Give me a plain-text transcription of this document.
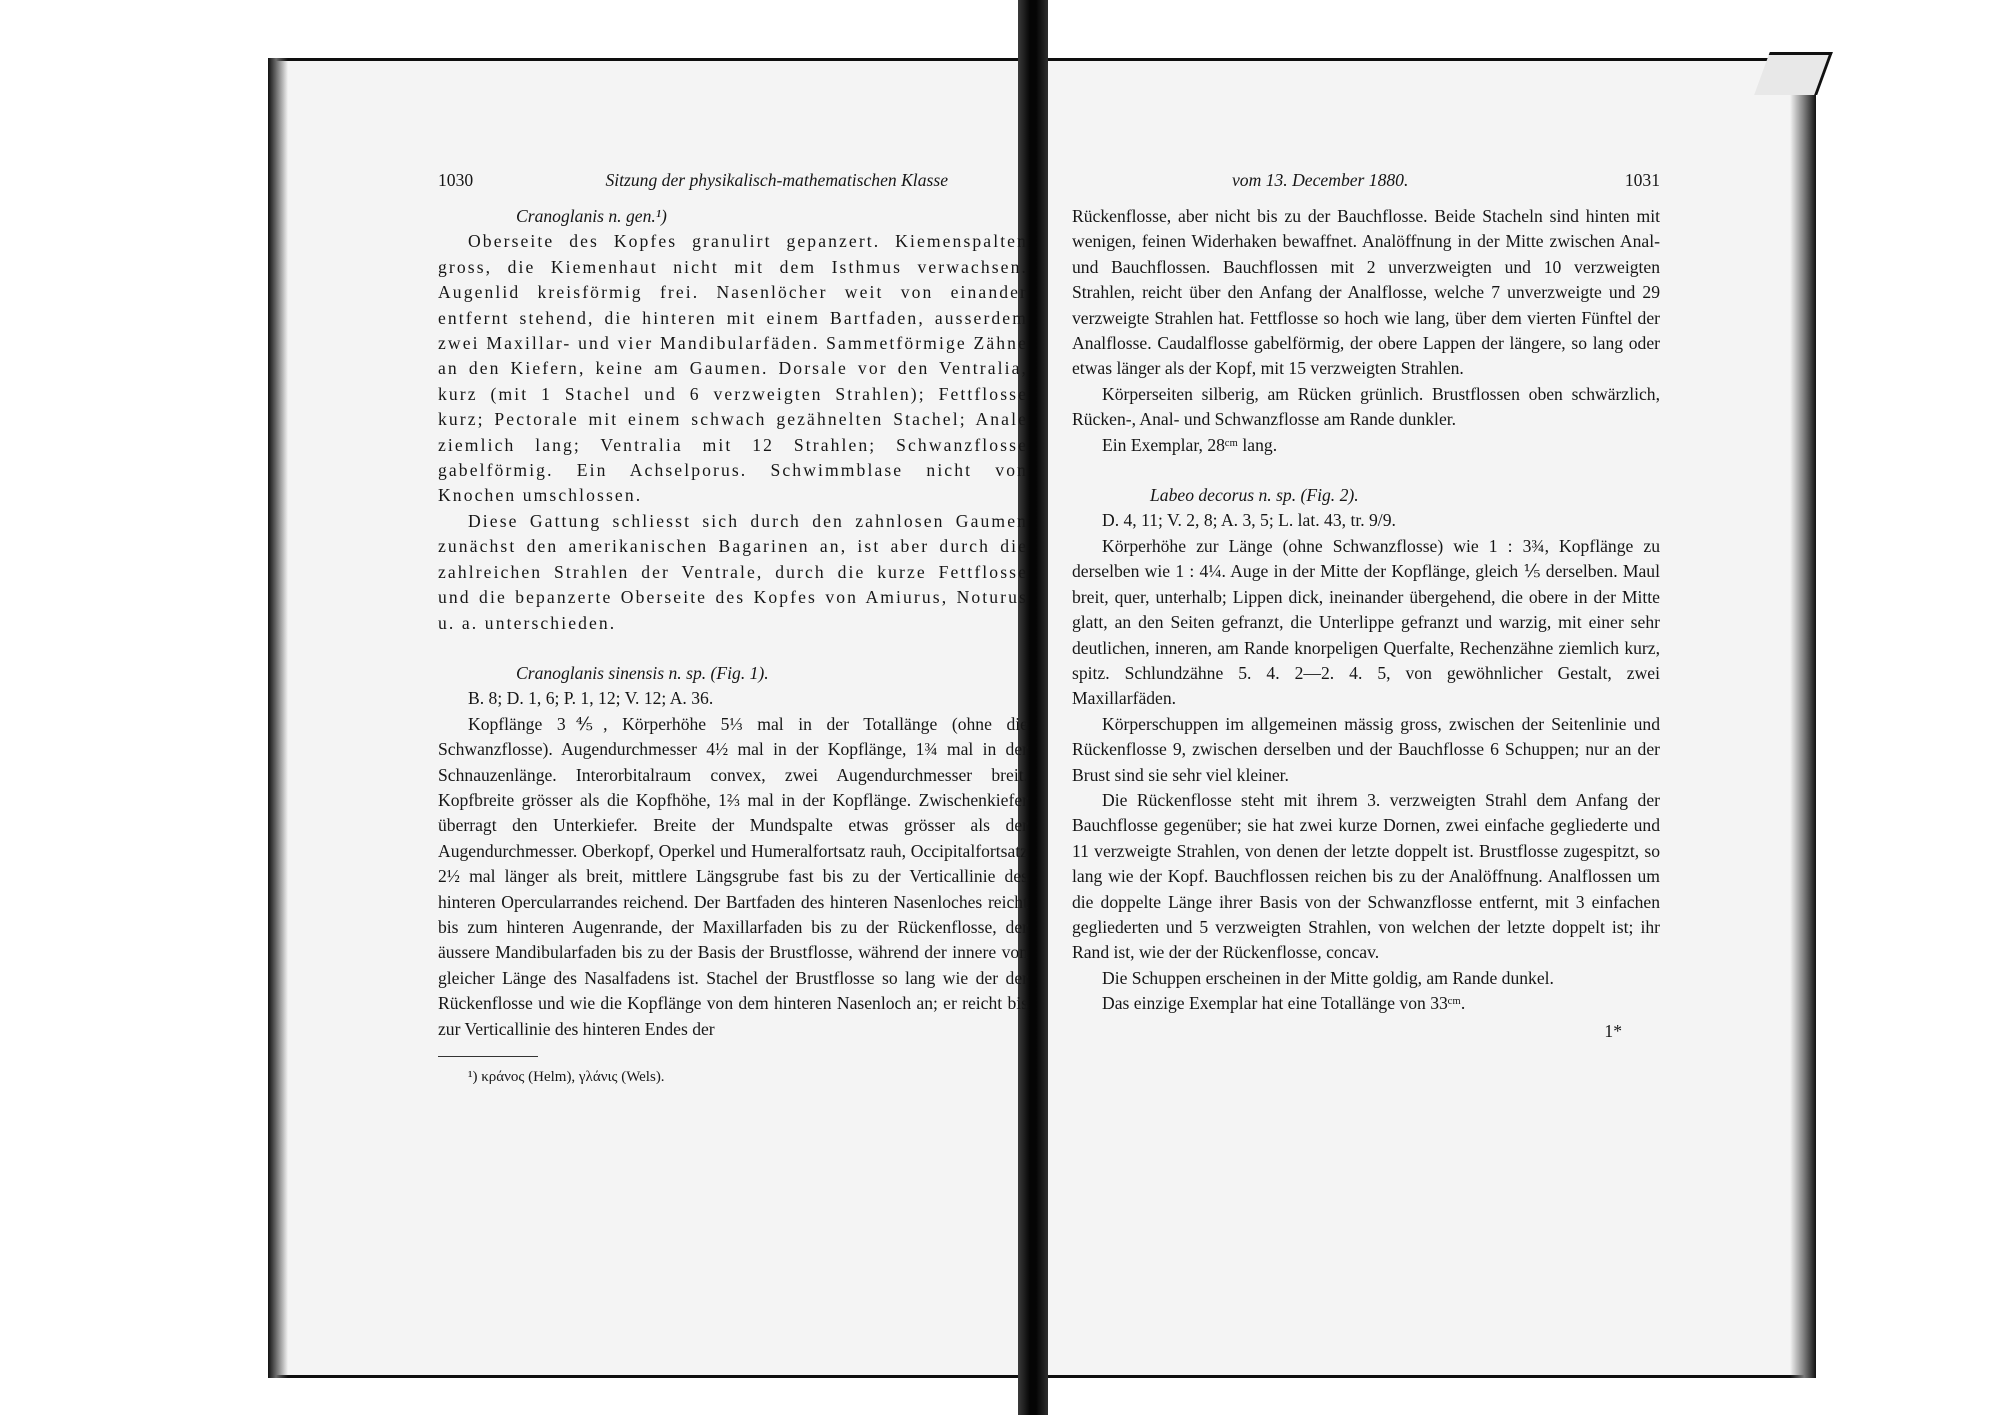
1030	Sitzung der physikalisch-mathematischen Klasse

Cranoglanis n. gen.¹)

Oberseite des Kopfes granulirt gepanzert. Kiemenspalten gross, die Kiemenhaut nicht mit dem Isthmus verwachsen. Augenlid kreisförmig frei. Nasenlöcher weit von einander entfernt stehend, die hinteren mit einem Bartfaden, ausserdem zwei Maxillar- und vier Mandibularfäden. Sammetförmige Zähne an den Kiefern, keine am Gaumen. Dorsale vor den Ventralia, kurz (mit 1 Stachel und 6 verzweigten Strahlen); Fettflosse kurz; Pectorale mit einem schwach gezähnelten Stachel; Anale ziemlich lang; Ventralia mit 12 Strahlen; Schwanzflosse gabelförmig. Ein Achselporus. Schwimmblase nicht von Knochen umschlossen.

Diese Gattung schliesst sich durch den zahnlosen Gaumen zunächst den amerikanischen Bagarinen an, ist aber durch die zahlreichen Strahlen der Ventrale, durch die kurze Fettflosse und die bepanzerte Oberseite des Kopfes von Amiurus, Noturus u. a. unterschieden.

Cranoglanis sinensis n. sp. (Fig. 1).

B. 8; D. 1, 6; P. 1, 12; V. 12; A. 36.

Kopflänge 3⅘, Körperhöhe 5⅓ mal in der Totallänge (ohne die Schwanzflosse). Augendurchmesser 4½ mal in der Kopflänge, 1¾ mal in der Schnauzenlänge. Interorbitalraum convex, zwei Augendurchmesser breit. Kopfbreite grösser als die Kopfhöhe, 1⅔ mal in der Kopflänge. Zwischenkiefer überragt den Unterkiefer. Breite der Mundspalte etwas grösser als der Augendurchmesser. Oberkopf, Operkel und Humeralfortsatz rauh, Occipitalfortsatz 2½ mal länger als breit, mittlere Längsgrube fast bis zu der Verticallinie des hinteren Opercularrandes reichend. Der Bartfaden des hinteren Nasenloches reicht bis zum hinteren Augenrande, der Maxillarfaden bis zu der Rückenflosse, der äussere Mandibularfaden bis zu der Basis der Brustflosse, während der innere von gleicher Länge des Nasalfadens ist. Stachel der Brustflosse so lang wie der der Rückenflosse und wie die Kopflänge von dem hinteren Nasenloch an; er reicht bis zur Verticallinie des hinteren Endes der

¹) κράνος (Helm), γλάνις (Wels).

vom 13. December 1880.	1031

Rückenflosse, aber nicht bis zu der Bauchflosse. Beide Stacheln sind hinten mit wenigen, feinen Widerhaken bewaffnet. Analöffnung in der Mitte zwischen Anal- und Bauchflossen. Bauchflossen mit 2 unverzweigten und 10 verzweigten Strahlen, reicht über den Anfang der Analflosse, welche 7 unverzweigte und 29 verzweigte Strahlen hat. Fettflosse so hoch wie lang, über dem vierten Fünftel der Analflosse. Caudalflosse gabelförmig, der obere Lappen der längere, so lang oder etwas länger als der Kopf, mit 15 verzweigten Strahlen.

Körperseiten silberig, am Rücken grünlich. Brustflossen oben schwärzlich, Rücken-, Anal- und Schwanzflosse am Rande dunkler.

Ein Exemplar, 28ᶜᵐ lang.

Labeo decorus n. sp. (Fig. 2).

D. 4, 11; V. 2, 8; A. 3, 5; L. lat. 43, tr. 9/9.

Körperhöhe zur Länge (ohne Schwanzflosse) wie 1 : 3¾, Kopflänge zu derselben wie 1 : 4¼. Auge in der Mitte der Kopflänge, gleich ⅕ derselben. Maul breit, quer, unterhalb; Lippen dick, ineinander übergehend, die obere in der Mitte glatt, an den Seiten gefranzt, die Unterlippe gefranzt und warzig, mit einer sehr deutlichen, inneren, am Rande knorpeligen Querfalte, Rechenzähne ziemlich kurz, spitz. Schlundzähne 5. 4. 2—2. 4. 5, von gewöhnlicher Gestalt, zwei Maxillarfäden.

Körperschuppen im allgemeinen mässig gross, zwischen der Seitenlinie und Rückenflosse 9, zwischen derselben und der Bauchflosse 6 Schuppen; nur an der Brust sind sie sehr viel kleiner.

Die Rückenflosse steht mit ihrem 3. verzweigten Strahl dem Anfang der Bauchflosse gegenüber; sie hat zwei kurze Dornen, zwei einfache gegliederte und 11 verzweigte Strahlen, von denen der letzte doppelt ist. Brustflosse zugespitzt, so lang wie der Kopf. Bauchflossen reichen bis zu der Analöffnung. Analflossen um die doppelte Länge ihrer Basis von der Schwanzflosse entfernt, mit 3 einfachen gegliederten und 5 verzweigten Strahlen, von welchen der letzte doppelt ist; ihr Rand ist, wie der der Rückenflosse, concav.

Die Schuppen erscheinen in der Mitte goldig, am Rande dunkel.

Das einzige Exemplar hat eine Totallänge von 33ᶜᵐ.

1*
